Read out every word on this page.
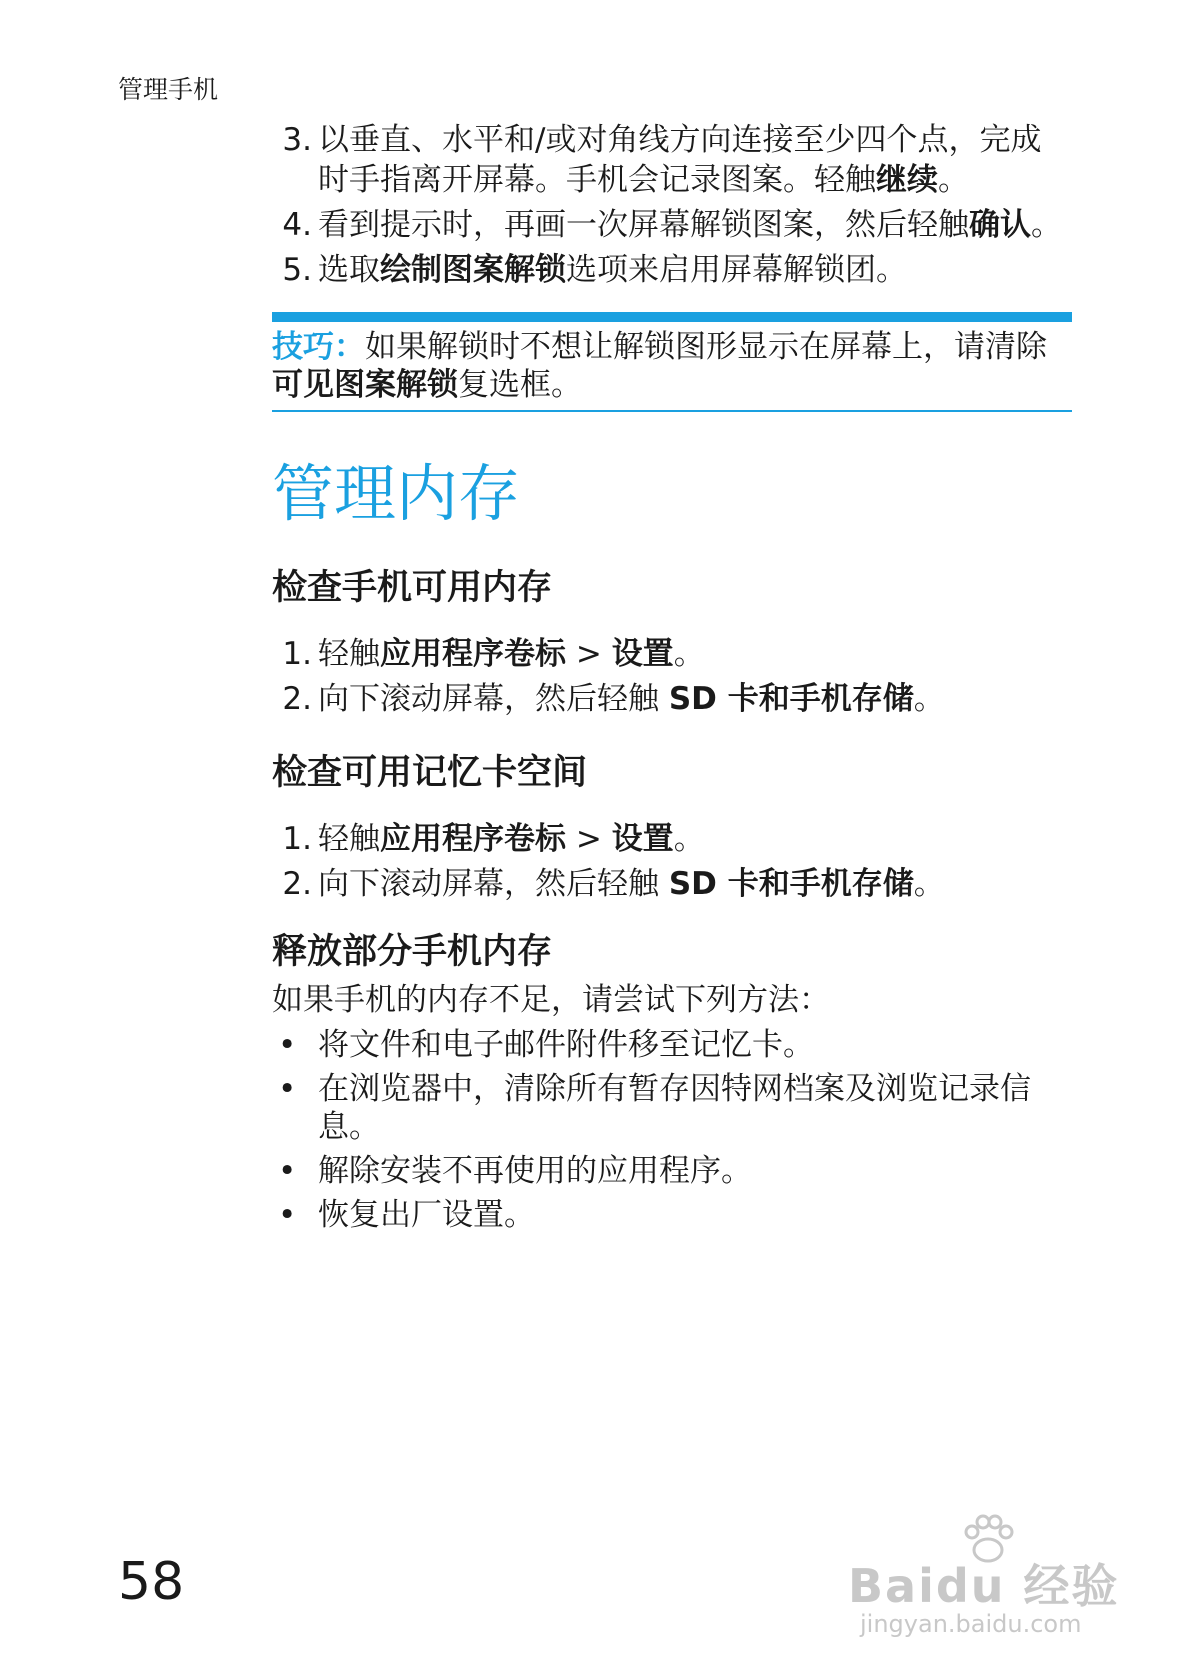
管理手机
3. 以垂直、水平和/或对角线方向连接至少四个点，完成时手指离开屏幕。手机会记录图案。轻触继续。
4. 看到提示时，再画一次屏幕解锁图案，然后轻触确认。
5. 选取绘制图案解锁选项来启用屏幕解锁团。
技巧：如果解锁时不想让解锁图形显示在屏幕上，请清除
可见图案解锁复选框。
管理内存
检查手机可用内存
1. 轻触应用程序卷标 > 设置。
2. 向下滚动屏幕，然后轻触 SD 卡和手机存储。
检查可用记忆卡空间
1. 轻触应用程序卷标 > 设置。
2. 向下滚动屏幕，然后轻触 SD 卡和手机存储。
释放部分手机内存
如果手机的内存不足，请尝试下列方法：
• 将文件和电子邮件附件移至记忆卡。
• 在浏览器中，清除所有暂存因特网档案及浏览记录信息。
• 解除安装不再使用的应用程序。
• 恢复出厂设置。
58	Baidu 经验
jingyan.baidu.com
